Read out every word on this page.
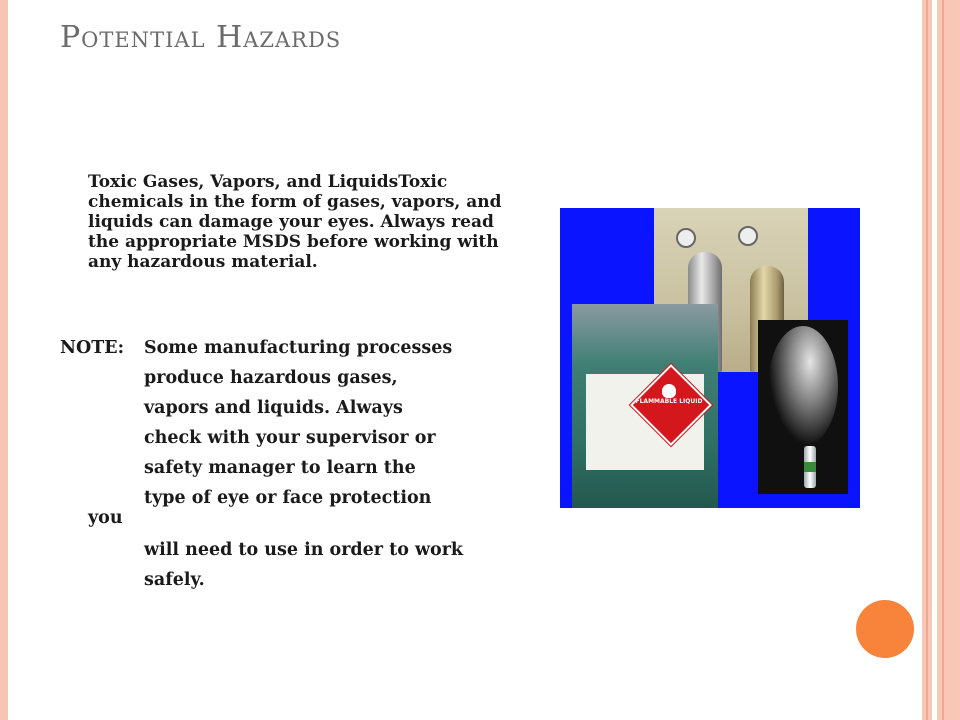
Potential Hazards

Toxic Gases, Vapors, and LiquidsToxic chemicals in the form of gases, vapors, and liquids can damage your eyes. Always read the appropriate MSDS before working with any hazardous material.

NOTE: Some manufacturing processes
produce hazardous gases,
vapors and liquids. Always
check with your supervisor or
safety manager to learn the
type of eye or face protection
you
will need to use in order to work
safely.
FLAMMABLE LIQUID
